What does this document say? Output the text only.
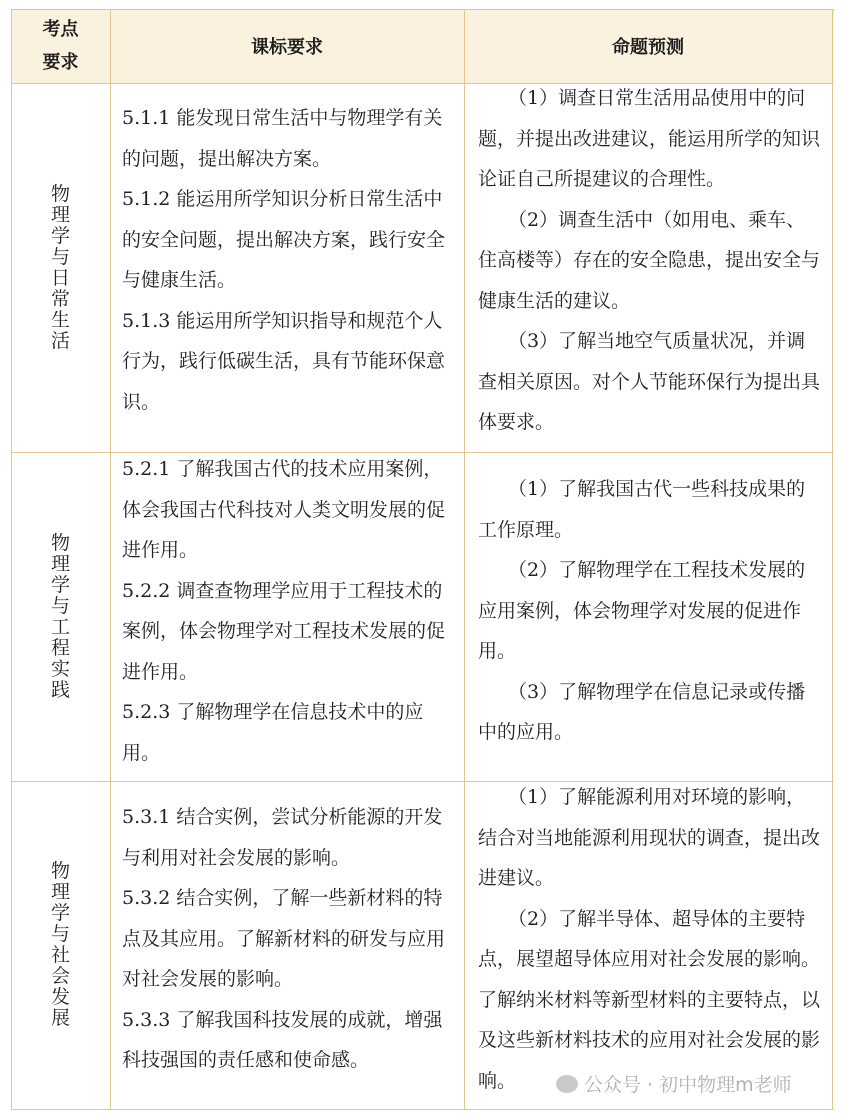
考点
要求
课标要求	命题预测
物理学与日常生活
物理学与工程实践
物理学与社会发展

5.1.1 能发现日常生活中与物理学有关的问题，提出解决方案。

5.1.2 能运用所学知识分析日常生活中的安全问题，提出解决方案，践行安全与健康生活。

5.1.3 能运用所学知识指导和规范个人行为，践行低碳生活，具有节能环保意识。

（1）调查日常生活用品使用中的问题，并提出改进建议，能运用所学的知识论证自己所提建议的合理性。

（2）调查生活中（如用电、乘车、住高楼等）存在的安全隐患，提出安全与健康生活的建议。

（3）了解当地空气质量状况，并调查相关原因。对个人节能环保行为提出具体要求。

5.2.1 了解我国古代的技术应用案例，体会我国古代科技对人类文明发展的促进作用。

5.2.2 调查查物理学应用于工程技术的案例，体会物理学对工程技术发展的促进作用。

5.2.3 了解物理学在信息技术中的应用。

（1）了解我国古代一些科技成果的工作原理。

（2）了解物理学在工程技术发展的应用案例，体会物理学对发展的促进作用。

（3）了解物理学在信息记录或传播中的应用。

5.3.1 结合实例，尝试分析能源的开发与利用对社会发展的影响。

5.3.2 结合实例，了解一些新材料的特点及其应用。了解新材料的研发与应用对社会发展的影响。

5.3.3 了解我国科技发展的成就，增强科技强国的责任感和使命感。

（1）了解能源利用对环境的影响，结合对当地能源利用现状的调查，提出改进建议。

（2）了解半导体、超导体的主要特点，展望超导体应用对社会发展的影响。了解纳米材料等新型材料的主要特点，以及这些新材料技术的应用对社会发展的影响。	公众号 · 初中物理m老师
